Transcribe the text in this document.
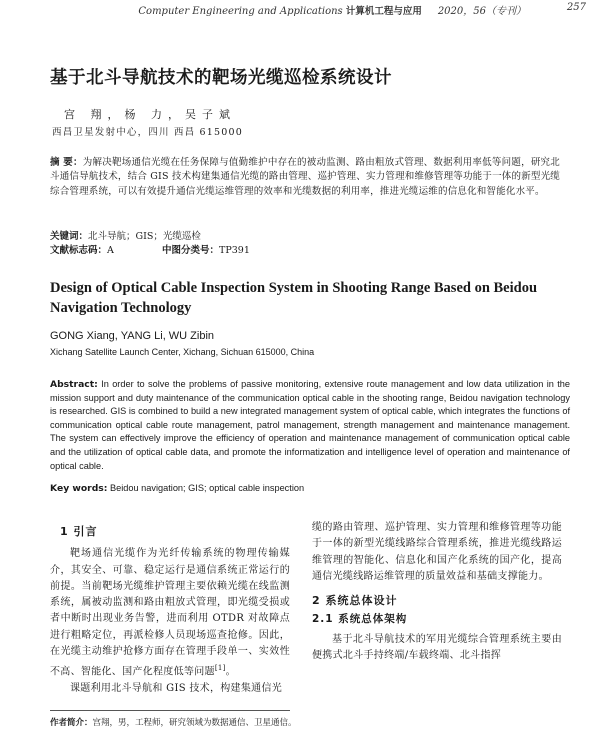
Computer Engineering and Applications 计算机工程与应用 2020，56（专刊）	257
基于北斗导航技术的靶场光缆巡检系统设计
宫 翔，杨 力，吴子斌
西昌卫星发射中心，四川 西昌 615000
摘 要：为解决靶场通信光缆在任务保障与值勤维护中存在的被动监测、路由粗放式管理、数据利用率低等问题，研究北斗通信导航技术，结合 GIS 技术构建集通信光缆的路由管理、巡护管理、实力管理和维修管理等功能于一体的新型光缆综合管理系统，可以有效提升通信光缆运维管理的效率和光缆数据的利用率，推进光缆运维的信息化和智能化水平。
关键词：北斗导航；GIS；光缆巡检
文献标志码：A	中图分类号：TP391
Design of Optical Cable Inspection System in Shooting Range Based on Beidou Navigation Technology
GONG Xiang, YANG Li, WU Zibin
Xichang Satellite Launch Center, Xichang, Sichuan 615000, China
Abstract: In order to solve the problems of passive monitoring, extensive route management and low data utilization in the mission support and duty maintenance of the communication optical cable in the shooting range, Beidou navigation technology is researched. GIS is combined to build a new integrated management system of optical cable, which integrates the functions of communication optical cable route management, patrol management, strength management and maintenance management. The system can effectively improve the efficiency of operation and maintenance management of communication optical cable and the utilization of optical cable data, and promote the informatization and intelligence level of operation and maintenance of optical cable.
Key words: Beidou navigation; GIS; optical cable inspection
1 引言
靶场通信光缆作为光纤传输系统的物理传输媒介，其安全、可靠、稳定运行是通信系统正常运行的前提。当前靶场光缆维护管理主要依赖光缆在线监测系统，属被动监测和路由粗放式管理，即光缆受损或者中断时出现业务告警，进而利用 OTDR 对故障点进行粗略定位，再派检修人员现场巡查抢修。因此，在光缆主动维护抢修方面存在管理手段单一、实效性不高、智能化、国产化程度低等问题[1]。
课题利用北斗导航和 GIS 技术，构建集通信光
缆的路由管理、巡护管理、实力管理和维修管理等功能于一体的新型光缆线路综合管理系统，推进光缆线路运维管理的智能化、信息化和国产化系统的国产化，提高通信光缆线路运维管理的质量效益和基础支撑能力。
2 系统总体设计
2.1 系统总体架构
基于北斗导航技术的军用光缆综合管理系统主要由便携式北斗手持终端/车载终端、北斗指挥
作者简介：宫翔，男，工程师，研究领域为数据通信、卫星通信。
